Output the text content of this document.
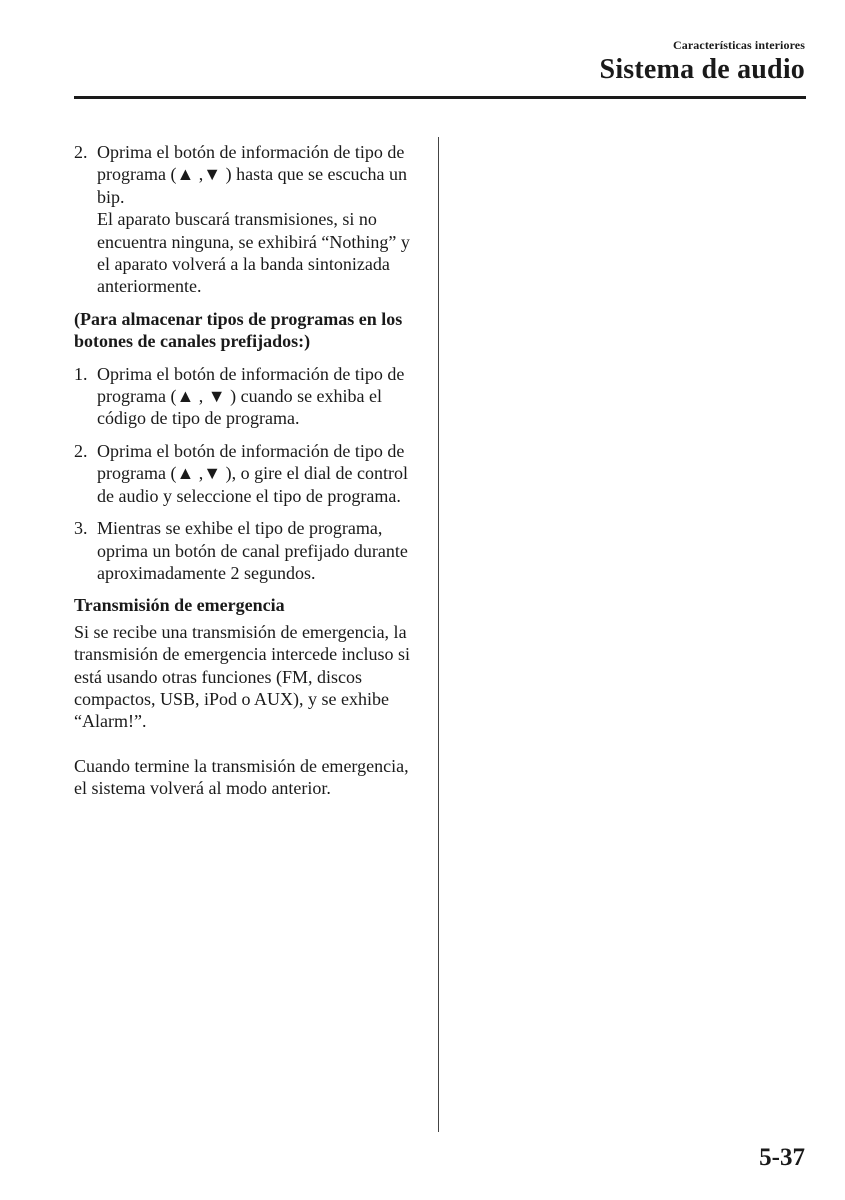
Características interiores
Sistema de audio
2. Oprima el botón de información de tipo de programa (▲ ,▼ ) hasta que se escucha un bip.
El aparato buscará transmisiones, si no encuentra ninguna, se exhibirá “Nothing” y el aparato volverá a la banda sintonizada anteriormente.
(Para almacenar tipos de programas en los botones de canales prefijados:)
1. Oprima el botón de información de tipo de programa (▲ , ▼ ) cuando se exhiba el código de tipo de programa.
2. Oprima el botón de información de tipo de programa (▲ ,▼ ), o gire el dial de control de audio y seleccione el tipo de programa.
3. Mientras se exhibe el tipo de programa, oprima un botón de canal prefijado durante aproximadamente 2 segundos.
Transmisión de emergencia
Si se recibe una transmisión de emergencia, la transmisión de emergencia intercede incluso si está usando otras funciones (FM, discos compactos, USB, iPod o AUX), y se exhibe “Alarm!”.
Cuando termine la transmisión de emergencia, el sistema volverá al modo anterior.
5-37
